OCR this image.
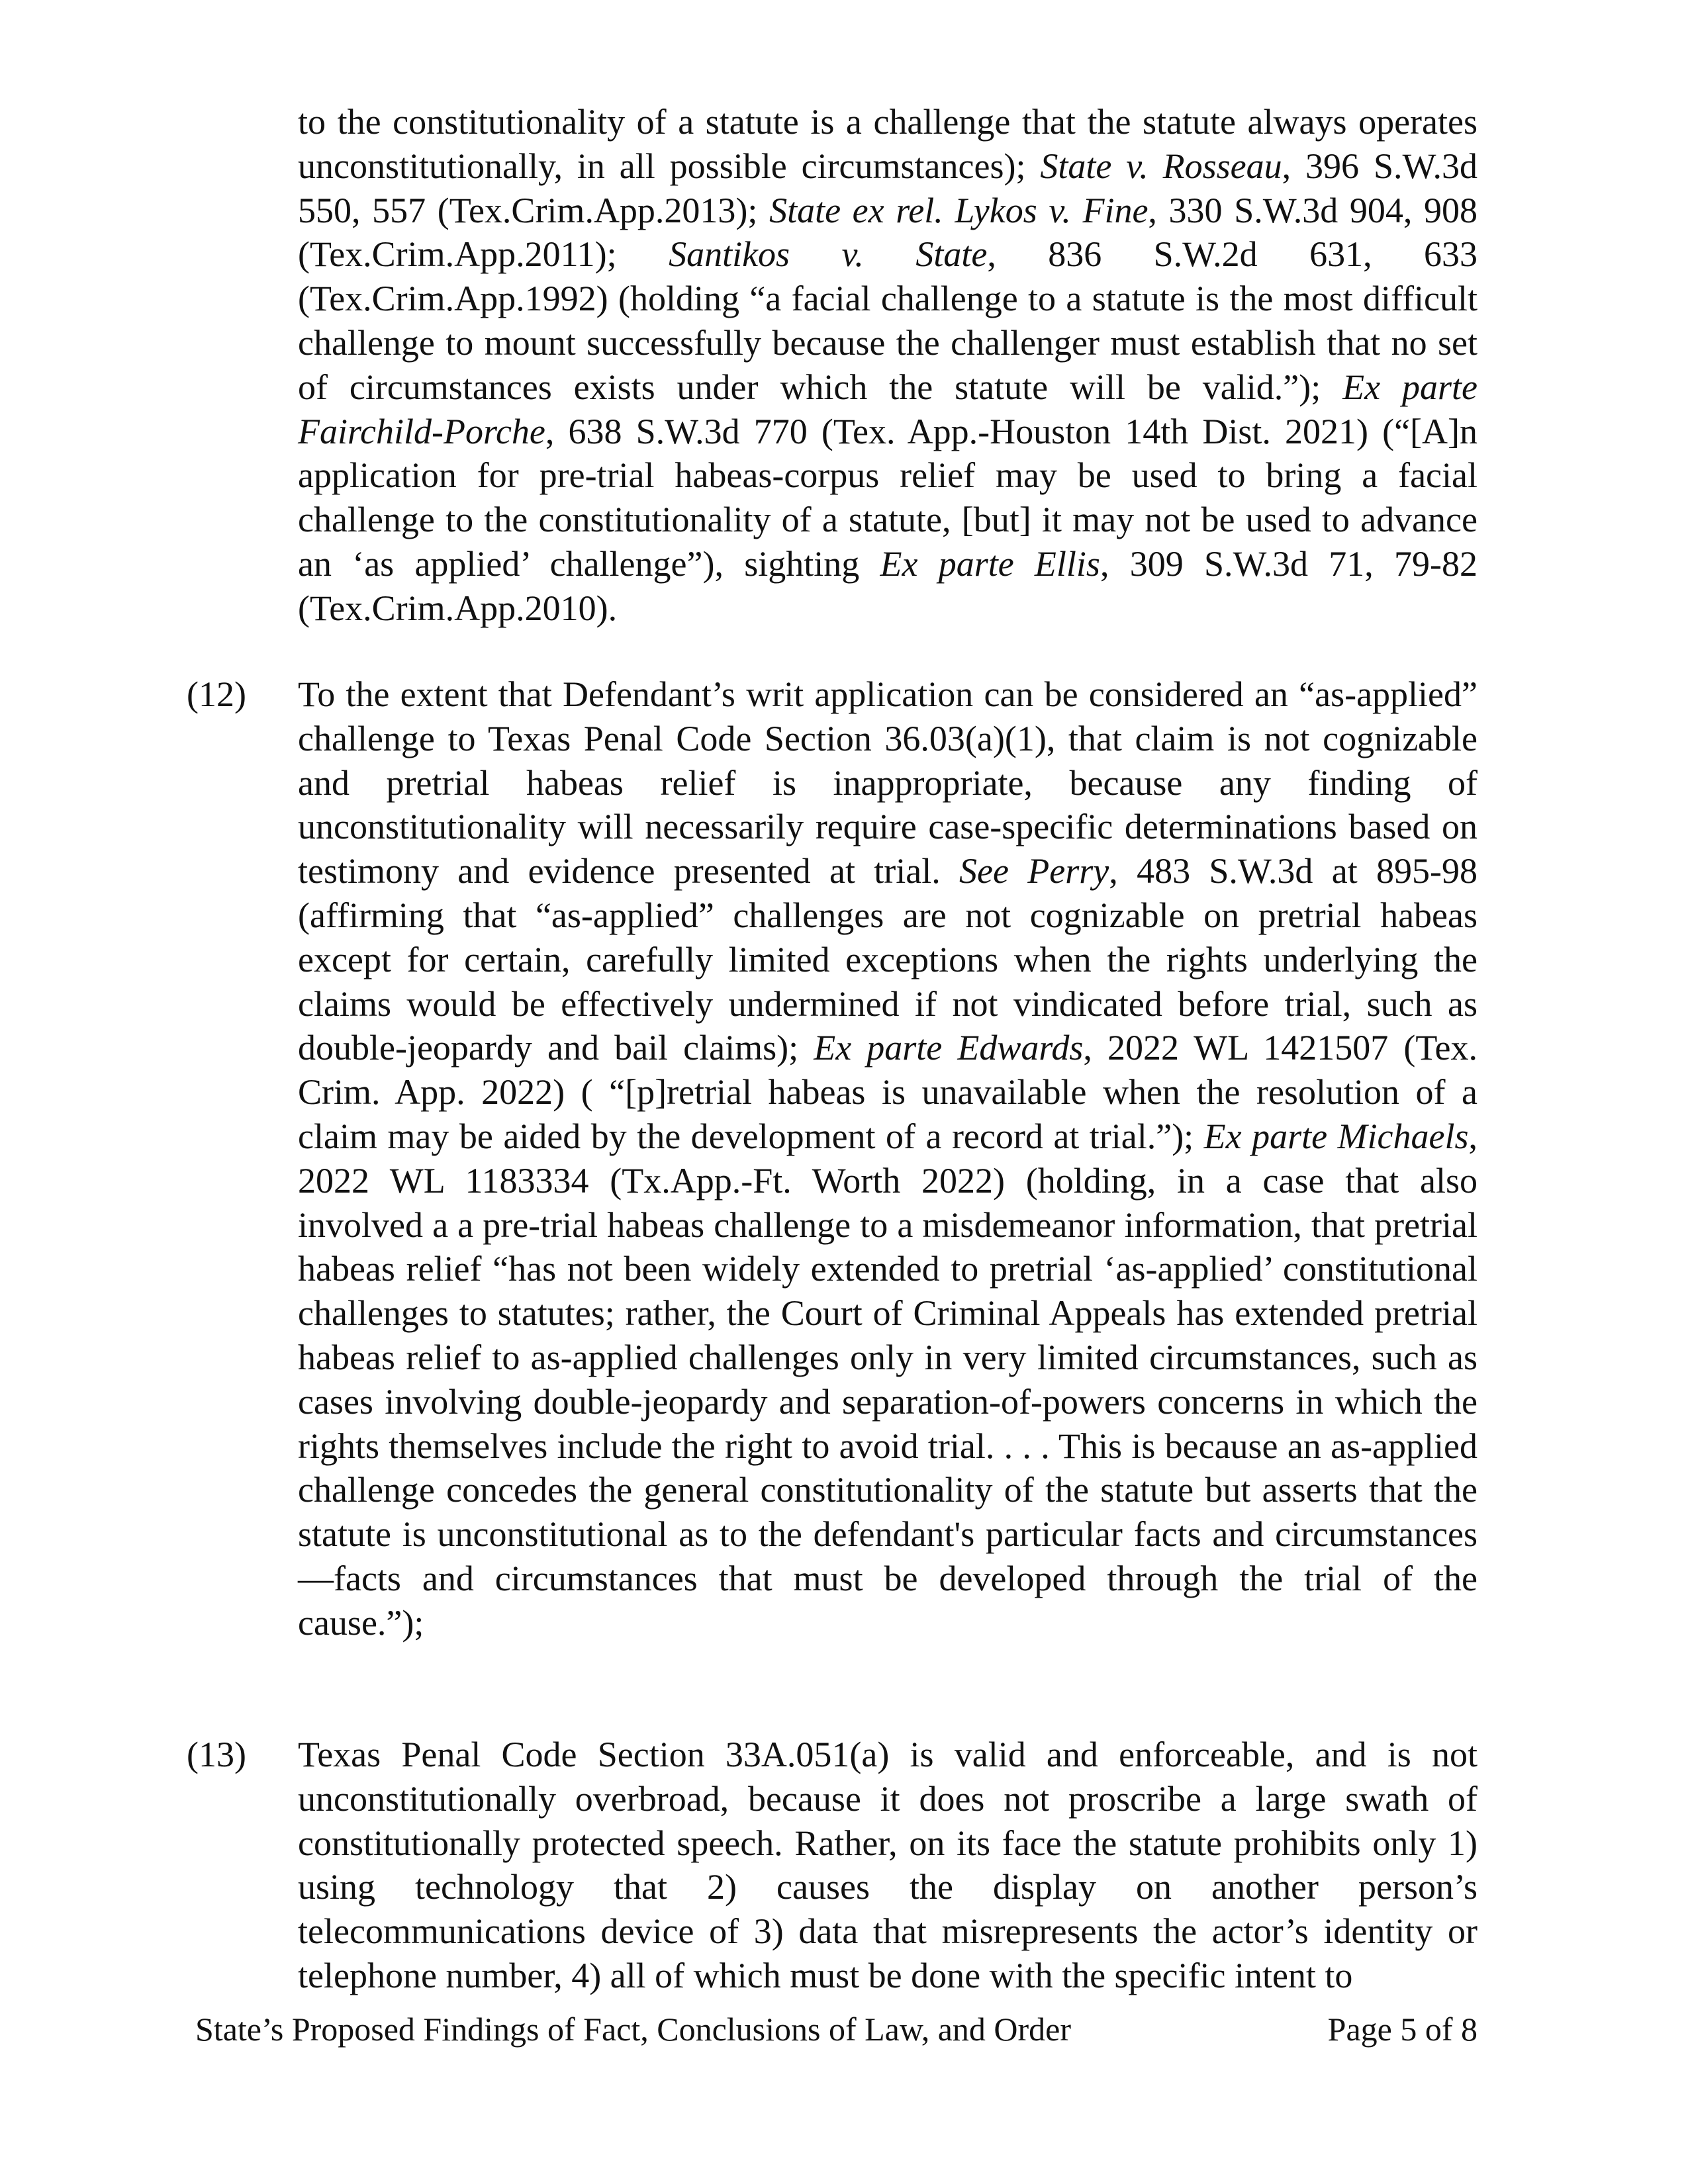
to the constitutionality of a statute is a challenge that the statute always operates unconstitutionally, in all possible circumstances); State v. Rosseau, 396 S.W.3d 550, 557 (Tex.Crim.App.2013); State ex rel. Lykos v. Fine, 330 S.W.3d 904, 908 (Tex.Crim.App.2011); Santikos v. State, 836 S.W.2d 631, 633 (Tex.Crim.App.1992) (holding “a facial challenge to a statute is the most difficult challenge to mount successfully because the challenger must establish that no set of circumstances exists under which the statute will be valid.”); Ex parte Fairchild-Porche, 638 S.W.3d 770 (Tex. App.-Houston 14th Dist. 2021) (“[A]n application for pre-trial habeas-corpus relief may be used to bring a facial challenge to the constitutionality of a statute, [but] it may not be used to advance an ‘as applied’ challenge”), sighting Ex parte Ellis, 309 S.W.3d 71, 79-82 (Tex.Crim.App.2010).

(12) To the extent that Defendant’s writ application can be considered an “as-applied” challenge to Texas Penal Code Section 36.03(a)(1), that claim is not cognizable and pretrial habeas relief is inappropriate, because any finding of unconstitutionality will necessarily require case-specific determinations based on testimony and evidence presented at trial. See Perry, 483 S.W.3d at 895-98 (affirming that “as-applied” challenges are not cognizable on pretrial habeas except for certain, carefully limited exceptions when the rights underlying the claims would be effectively undermined if not vindicated before trial, such as double-jeopardy and bail claims); Ex parte Edwards, 2022 WL 1421507 (Tex. Crim. App. 2022) ( “[p]retrial habeas is unavailable when the resolution of a claim may be aided by the development of a record at trial.”); Ex parte Michaels, 2022 WL 1183334 (Tx.App.-Ft. Worth 2022) (holding, in a case that also involved a a pre-trial habeas challenge to a misdemeanor information, that pretrial habeas relief “has not been widely extended to pretrial ‘as-applied’ constitutional challenges to statutes; rather, the Court of Criminal Appeals has extended pretrial habeas relief to as-applied challenges only in very limited circumstances, such as cases involving double-jeopardy and separation-of-powers concerns in which the rights themselves include the right to avoid trial. . . . This is because an as-applied challenge concedes the general constitutionality of the statute but asserts that the statute is unconstitutional as to the defendant's particular facts and circumstances—facts and circumstances that must be developed through the trial of the cause.”);

(13) Texas Penal Code Section 33A.051(a) is valid and enforceable, and is not unconstitutionally overbroad, because it does not proscribe a large swath of constitutionally protected speech. Rather, on its face the statute prohibits only 1) using technology that 2) causes the display on another person’s telecommunications device of 3) data that misrepresents the actor’s identity or telephone number, 4) all of which must be done with the specific intent to

State’s Proposed Findings of Fact, Conclusions of Law, and Order	Page 5 of 8
